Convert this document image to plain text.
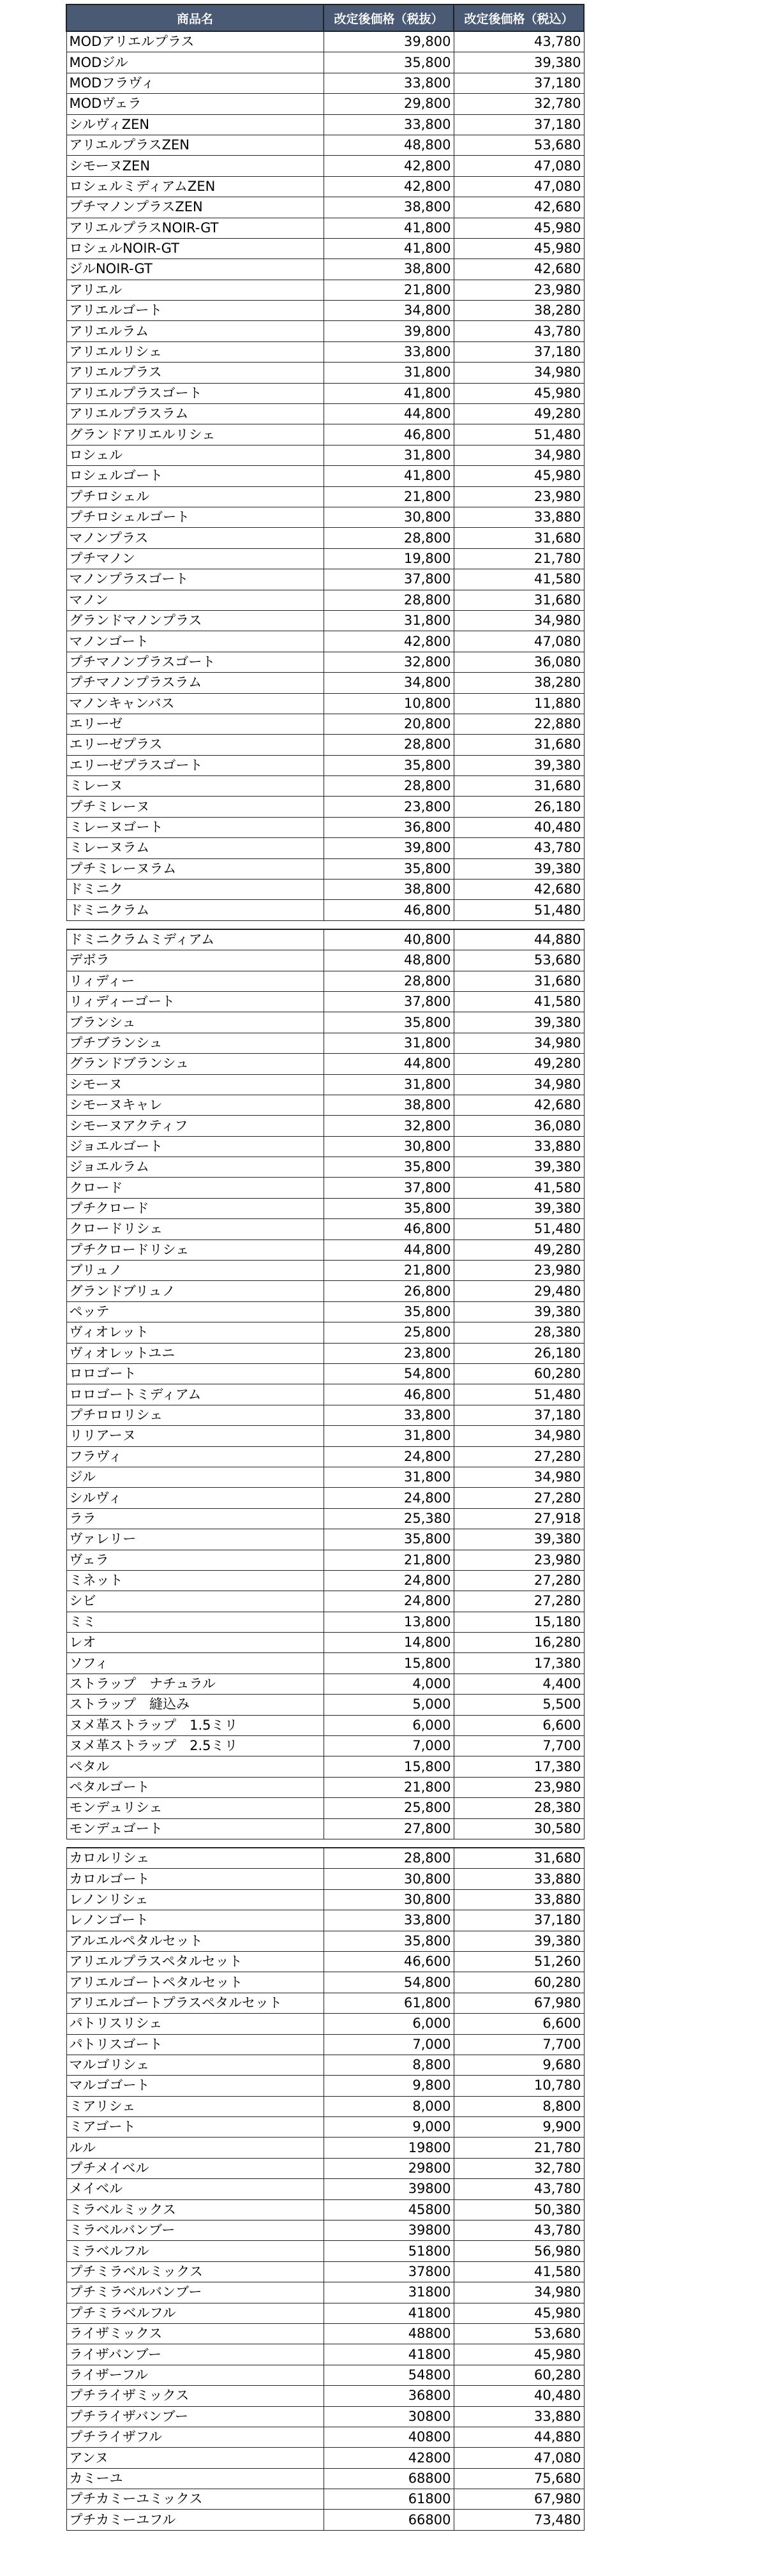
商品名	改定後価格（税抜）	改定後価格（税込）
MODアリエルプラス	39,800	43,780
MODジル	35,800	39,380
MODフラヴィ	33,800	37,180
MODヴェラ	29,800	32,780
シルヴィZEN	33,800	37,180
アリエルプラスZEN	48,800	53,680
シモーヌZEN	42,800	47,080
ロシェルミディアムZEN	42,800	47,080
プチマノンプラスZEN	38,800	42,680
アリエルプラスNOIR-GT	41,800	45,980
ロシェルNOIR-GT	41,800	45,980
ジルNOIR-GT	38,800	42,680
アリエル	21,800	23,980
アリエルゴート	34,800	38,280
アリエルラム	39,800	43,780
アリエルリシェ	33,800	37,180
アリエルプラス	31,800	34,980
アリエルプラスゴート	41,800	45,980
アリエルプラスラム	44,800	49,280
グランドアリエルリシェ	46,800	51,480
ロシェル	31,800	34,980
ロシェルゴート	41,800	45,980
プチロシェル	21,800	23,980
プチロシェルゴート	30,800	33,880
マノンプラス	28,800	31,680
プチマノン	19,800	21,780
マノンプラスゴート	37,800	41,580
マノン	28,800	31,680
グランドマノンプラス	31,800	34,980
マノンゴート	42,800	47,080
プチマノンプラスゴート	32,800	36,080
プチマノンプラスラム	34,800	38,280
マノンキャンバス	10,800	11,880
エリーゼ	20,800	22,880
エリーゼプラス	28,800	31,680
エリーゼプラスゴート	35,800	39,380
ミレーヌ	28,800	31,680
プチミレーヌ	23,800	26,180
ミレーヌゴート	36,800	40,480
ミレーヌラム	39,800	43,780
プチミレーヌラム	35,800	39,380
ドミニク	38,800	42,680
ドミニクラム	46,800	51,480

ドミニクラムミディアム	40,800	44,880
デボラ	48,800	53,680
リィディー	28,800	31,680
リィディーゴート	37,800	41,580
ブランシュ	35,800	39,380
プチブランシュ	31,800	34,980
グランドブランシュ	44,800	49,280
シモーヌ	31,800	34,980
シモーヌキャレ	38,800	42,680
シモーヌアクティフ	32,800	36,080
ジョエルゴート	30,800	33,880
ジョエルラム	35,800	39,380
クロード	37,800	41,580
プチクロード	35,800	39,380
クロードリシェ	46,800	51,480
プチクロードリシェ	44,800	49,280
ブリュノ	21,800	23,980
グランドブリュノ	26,800	29,480
ペッテ	35,800	39,380
ヴィオレット	25,800	28,380
ヴィオレットユニ	23,800	26,180
ロロゴート	54,800	60,280
ロロゴートミディアム	46,800	51,480
プチロロリシェ	33,800	37,180
リリアーヌ	31,800	34,980
フラヴィ	24,800	27,280
ジル	31,800	34,980
シルヴィ	24,800	27,280
ララ	25,380	27,918
ヴァレリー	35,800	39,380
ヴェラ	21,800	23,980
ミネット	24,800	27,280
シビ	24,800	27,280
ミミ	13,800	15,180
レオ	14,800	16,280
ソフィ	15,800	17,380
ストラップ　ナチュラル	4,000	4,400
ストラップ　縫込み	5,000	5,500
ヌメ革ストラップ　1.5ミリ	6,000	6,600
ヌメ革ストラップ　2.5ミリ	7,000	7,700
ペタル	15,800	17,380
ペタルゴート	21,800	23,980
モンデュリシェ	25,800	28,380
モンデュゴート	27,800	30,580

カロルリシェ	28,800	31,680
カロルゴート	30,800	33,880
レノンリシェ	30,800	33,880
レノンゴート	33,800	37,180
アルエルペタルセット	35,800	39,380
アリエルプラスペタルセット	46,600	51,260
アリエルゴートペタルセット	54,800	60,280
アリエルゴートプラスペタルセット	61,800	67,980
パトリスリシェ	6,000	6,600
パトリスゴート	7,000	7,700
マルゴリシェ	8,800	9,680
マルゴゴート	9,800	10,780
ミアリシェ	8,000	8,800
ミアゴート	9,000	9,900
ルル	19800	21,780
プチメイベル	29800	32,780
メイベル	39800	43,780
ミラベルミックス	45800	50,380
ミラベルバンブー	39800	43,780
ミラベルフル	51800	56,980
プチミラベルミックス	37800	41,580
プチミラベルバンブー	31800	34,980
プチミラベルフル	41800	45,980
ライザミックス	48800	53,680
ライザバンブー	41800	45,980
ライザーフル	54800	60,280
プチライザミックス	36800	40,480
プチライザバンブー	30800	33,880
プチライザフル	40800	44,880
アンヌ	42800	47,080
カミーユ	68800	75,680
プチカミーユミックス	61800	67,980
プチカミーユフル	66800	73,480
